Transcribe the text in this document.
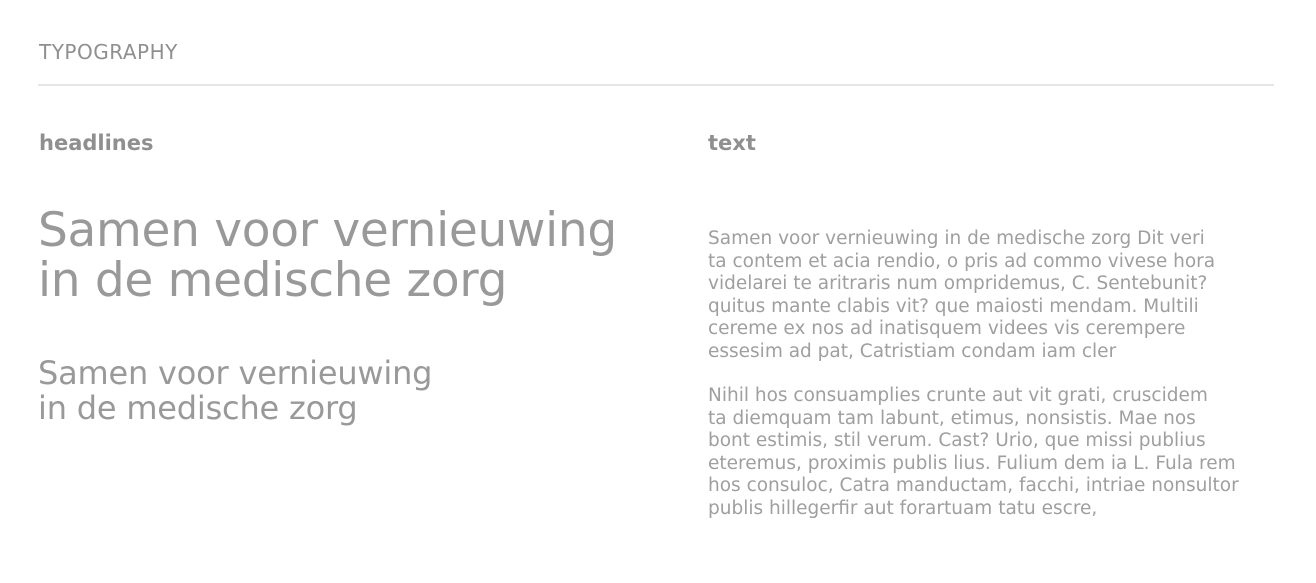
TYPOGRAPHY
headlines	text
Samen voor vernieuwing
in de medische zorg
Samen voor vernieuwing
in de medische zorg
Samen voor vernieuwing in de medische zorg Dit veri
ta contem et acia rendio, o pris ad commo vivese hora
videlarei te aritraris num ompridemus, C. Sentebunit?
quitus mante clabis vit? que maiosti mendam. Multili
cereme ex nos ad inatisquem videes vis cerempere
essesim ad pat, Catristiam condam iam cler
Nihil hos consuamplies crunte aut vit grati, cruscidem
ta diemquam tam labunt, etimus, nonsistis. Mae nos
bont estimis, stil verum. Cast? Urio, que missi publius
eteremus, proximis publis lius. Fulium dem ia L. Fula rem
hos consuloc, Catra manductam, facchi, intriae nonsultor
publis hillegerfir aut forartuam tatu escre,
